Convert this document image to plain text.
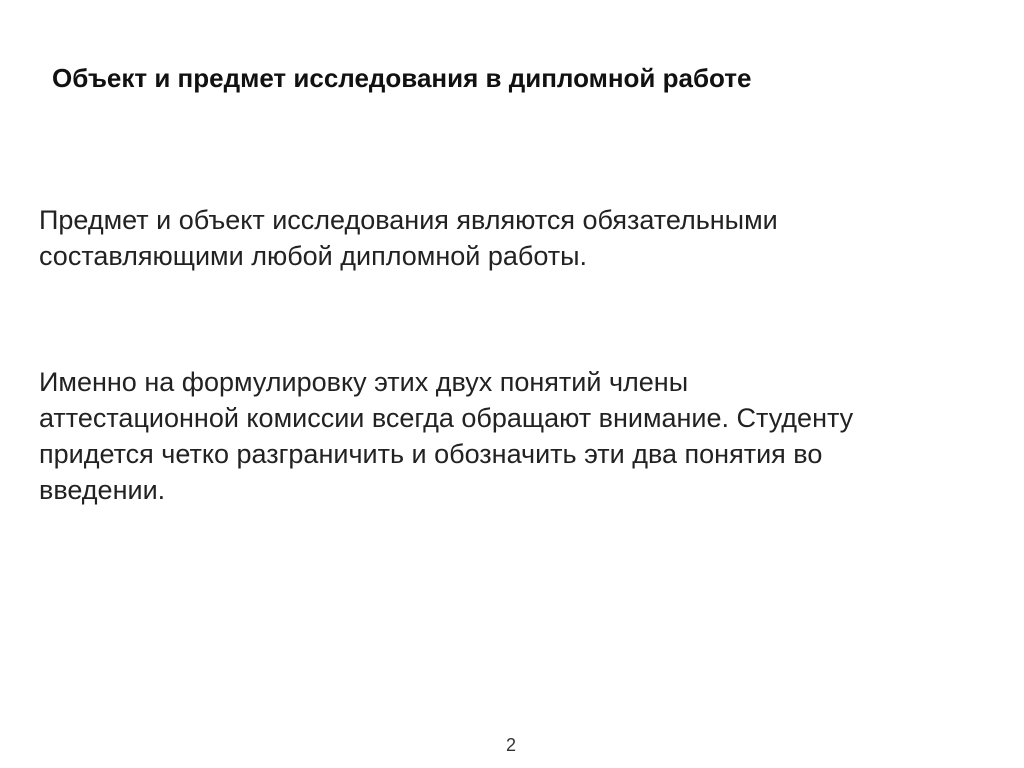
Объект и предмет исследования в дипломной работе

Предмет и объект исследования являются обязательными
составляющими любой дипломной работы.

Именно на формулировку этих двух понятий члены
аттестационной комиссии всегда обращают внимание. Студенту
придется четко разграничить и обозначить эти два понятия во
введении.

2
